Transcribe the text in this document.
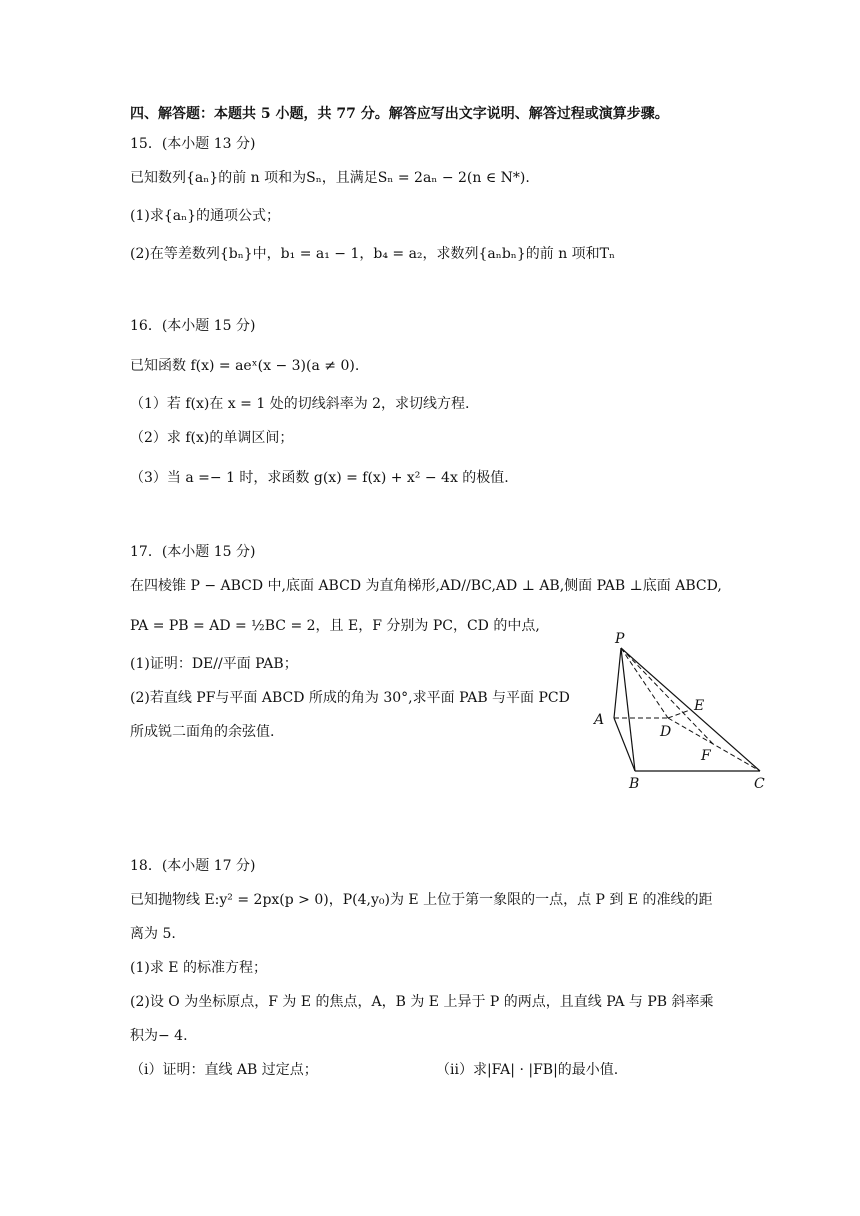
四、解答题：本题共 5 小题，共 77 分。解答应写出文字说明、解答过程或演算步骤。
15．(本小题 13 分)
已知数列{aₙ}的前 n 项和为Sₙ，且满足Sₙ = 2aₙ − 2(n ∈ N*).
(1)求{aₙ}的通项公式；
(2)在等差数列{bₙ}中，b₁ = a₁ − 1，b₄ = a₂，求数列{aₙbₙ}的前 n 项和Tₙ
16．(本小题 15 分)
已知函数 f(x) = aeˣ(x − 3)(a ≠ 0).
（1）若 f(x)在 x = 1 处的切线斜率为 2，求切线方程.
（2）求 f(x)的单调区间；
（3）当 a =− 1 时，求函数 g(x) = f(x) + x² − 4x 的极值.
17．(本小题 15 分)
在四棱锥 P − ABCD 中,底面 ABCD 为直角梯形,AD//BC,AD ⊥ AB,侧面 PAB ⊥底面 ABCD,
PA = PB = AD = ½BC = 2，且 E，F 分别为 PC，CD 的中点,
(1)证明：DE//平面 PAB；
(2)若直线 PF与平面 ABCD 所成的角为 30°,求平面 PAB 与平面 PCD
所成锐二面角的余弦值.
P
A
B	C
D
E
F
18．(本小题 17 分)
已知抛物线 E:y² = 2px(p > 0)，P(4,y₀)为 E 上位于第一象限的一点，点 P 到 E 的准线的距
离为 5.
(1)求 E 的标准方程；
(2)设 O 为坐标原点，F 为 E 的焦点，A，B 为 E 上异于 P 的两点，且直线 PA 与 PB 斜率乘
积为− 4.
（i）证明：直线 AB 过定点；	（ii）求|FA| · |FB|的最小值.
